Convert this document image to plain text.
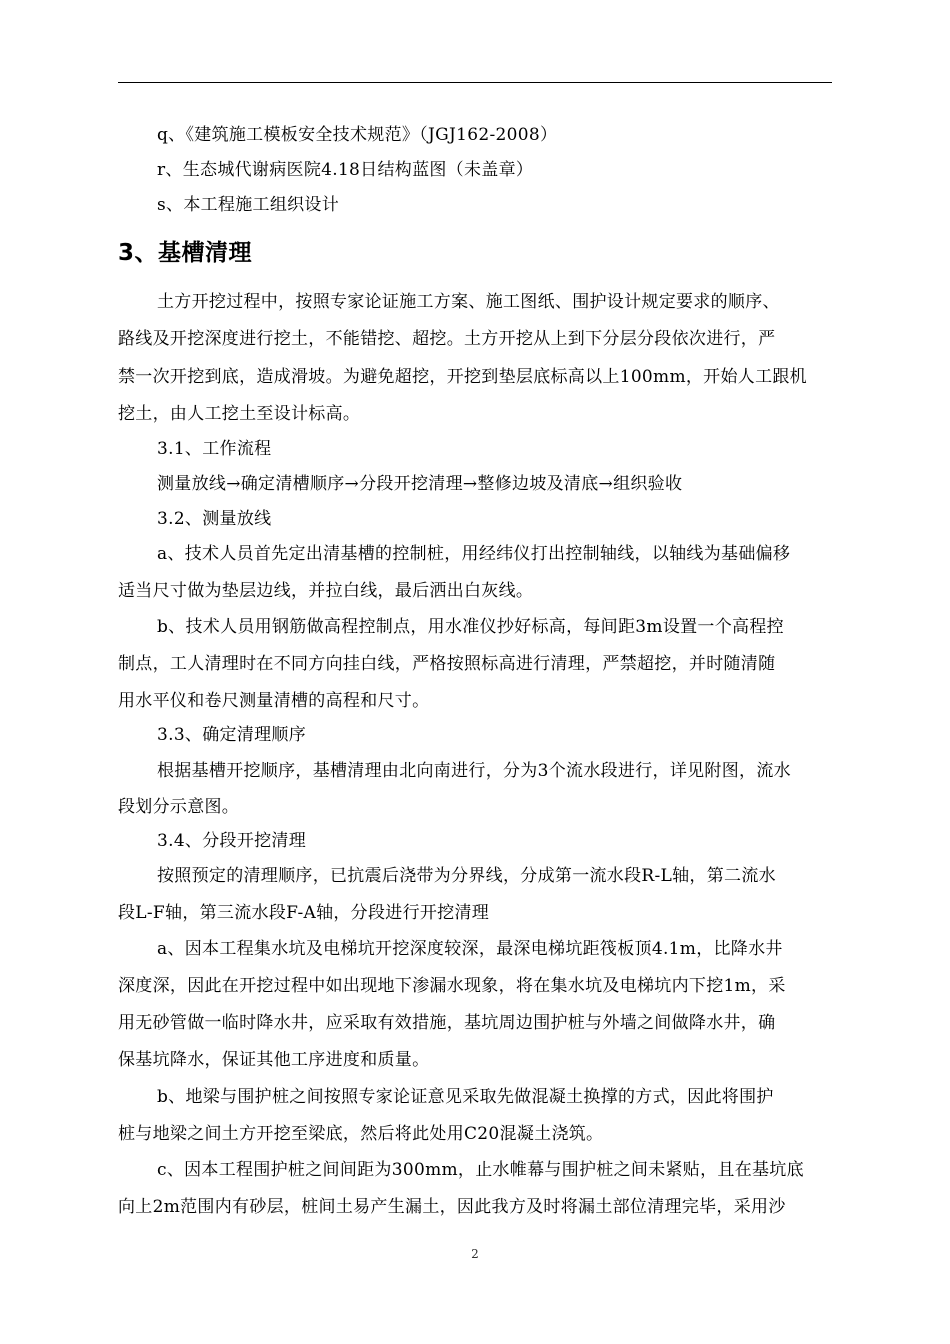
q、《建筑施工模板安全技术规范》（JGJ162-2008）
r、生态城代谢病医院4.18日结构蓝图（未盖章）
s、本工程施工组织设计
3、基槽清理
土方开挖过程中，按照专家论证施工方案、施工图纸、围护设计规定要求的顺序、
路线及开挖深度进行挖土，不能错挖、超挖。土方开挖从上到下分层分段依次进行，严
禁一次开挖到底，造成滑坡。为避免超挖，开挖到垫层底标高以上100mm，开始人工跟机
挖土，由人工挖土至设计标高。
3.1、工作流程
测量放线→确定清槽顺序→分段开挖清理→整修边坡及清底→组织验收
3.2、测量放线
a、技术人员首先定出清基槽的控制桩，用经纬仪打出控制轴线，以轴线为基础偏移
适当尺寸做为垫层边线，并拉白线，最后洒出白灰线。
b、技术人员用钢筋做高程控制点，用水准仪抄好标高，每间距3m设置一个高程控
制点，工人清理时在不同方向挂白线，严格按照标高进行清理，严禁超挖，并时随清随
用水平仪和卷尺测量清槽的高程和尺寸。
3.3、确定清理顺序
根据基槽开挖顺序，基槽清理由北向南进行，分为3个流水段进行，详见附图，流水
段划分示意图。
3.4、分段开挖清理
按照预定的清理顺序，已抗震后浇带为分界线，分成第一流水段R-L轴，第二流水
段L-F轴，第三流水段F-A轴，分段进行开挖清理
a、因本工程集水坑及电梯坑开挖深度较深，最深电梯坑距筏板顶4.1m，比降水井
深度深，因此在开挖过程中如出现地下渗漏水现象，将在集水坑及电梯坑内下挖1m，采
用无砂管做一临时降水井，应采取有效措施，基坑周边围护桩与外墙之间做降水井，确
保基坑降水，保证其他工序进度和质量。
b、地梁与围护桩之间按照专家论证意见采取先做混凝土换撑的方式，因此将围护
桩与地梁之间土方开挖至梁底，然后将此处用C20混凝土浇筑。
c、因本工程围护桩之间间距为300mm，止水帷幕与围护桩之间未紧贴，且在基坑底
向上2m范围内有砂层，桩间土易产生漏土，因此我方及时将漏土部位清理完毕，采用沙
2
